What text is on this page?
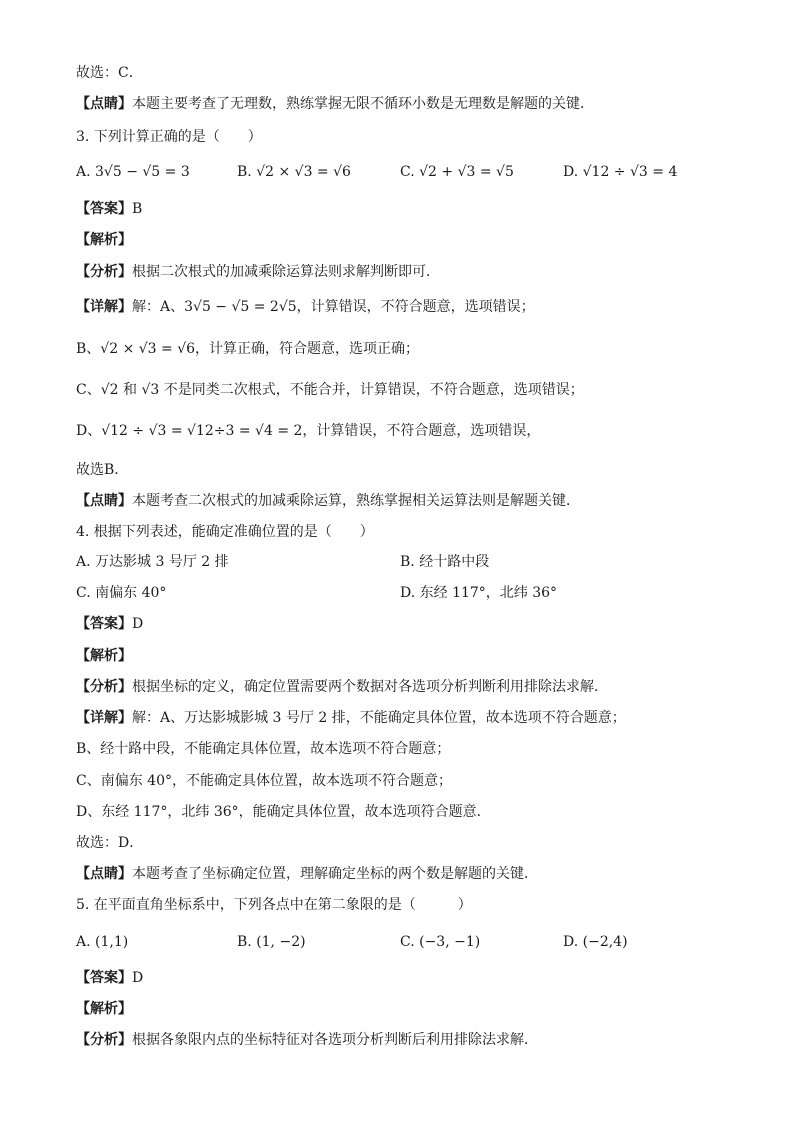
故选：C．
【点睛】本题主要考查了无理数，熟练掌握无限不循环小数是无理数是解题的关键．
3. 下列计算正确的是（　　）
A. 3√5 − √5 = 3	B. √2 × √3 = √6	C. √2 + √3 = √5	D. √12 ÷ √3 = 4
【答案】B
【解析】
【分析】根据二次根式的加减乘除运算法则求解判断即可．
【详解】解：A、3√5 − √5 = 2√5，计算错误，不符合题意，选项错误；
B、√2 × √3 = √6，计算正确，符合题意，选项正确；
C、√2 和 √3 不是同类二次根式，不能合并，计算错误，不符合题意，选项错误；
D、√12 ÷ √3 = √12÷3 = √4 = 2，计算错误，不符合题意，选项错误，
故选B．
【点睛】本题考查二次根式的加减乘除运算，熟练掌握相关运算法则是解题关键．
4. 根据下列表述，能确定准确位置的是（　　）
A. 万达影城 3 号厅 2 排	B. 经十路中段
C. 南偏东 40°	D. 东经 117°，北纬 36°
【答案】D
【解析】
【分析】根据坐标的定义，确定位置需要两个数据对各选项分析判断利用排除法求解．
【详解】解：A、万达影城影城 3 号厅 2 排，不能确定具体位置，故本选项不符合题意；
B、经十路中段，不能确定具体位置，故本选项不符合题意；
C、南偏东 40°，不能确定具体位置，故本选项不符合题意；
D、东经 117°，北纬 36°，能确定具体位置，故本选项符合题意．
故选：D．
【点睛】本题考查了坐标确定位置，理解确定坐标的两个数是解题的关键．
5. 在平面直角坐标系中，下列各点中在第二象限的是（　　　）
A. (1,1)	B. (1, −2)	C. (−3, −1)	D. (−2,4)
【答案】D
【解析】
【分析】根据各象限内点的坐标特征对各选项分析判断后利用排除法求解．
